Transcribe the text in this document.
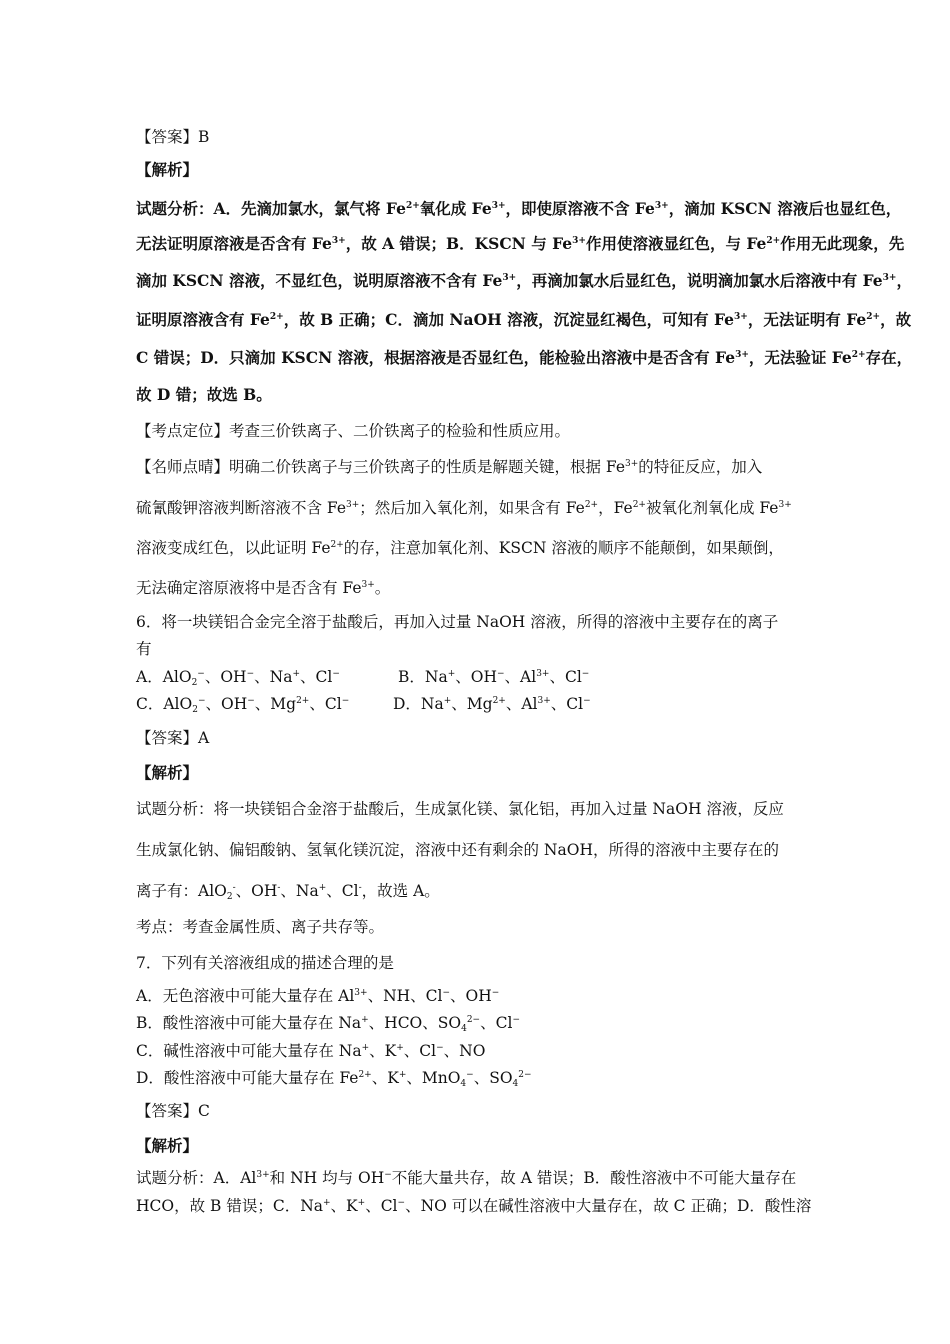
【答案】B
【解析】
试题分析：A．先滴加氯水，氯气将 $Fe^{2+}$氧化成 $Fe^{3+}$，即使原溶液不含 $Fe^{3+}$，滴加 KSCN 溶液后也显红色，
无法证明原溶液是否含有 $Fe^{3+}$，故 A 错误；B．KSCN 与 $Fe^{3+}$作用使溶液显红色，与 $Fe^{2+}$作用无此现象，先
滴加 KSCN 溶液，不显红色，说明原溶液不含有 $Fe^{3+}$，再滴加氯水后显红色，说明滴加氯水后溶液中有 $Fe^{3+}$，
证明原溶液含有 $Fe^{2+}$，故 B 正确；C．滴加 NaOH 溶液，沉淀显红褐色，可知有 $Fe^{3+}$，无法证明有 $Fe^{2+}$，故
C 错误；D．只滴加 KSCN 溶液，根据溶液是否显红色，能检验出溶液中是否含有 $Fe^{3+}$，无法验证 $Fe^{2+}$存在，
故 D 错；故选 B。
【考点定位】考查三价铁离子、二价铁离子的检验和性质应用。
【名师点晴】明确二价铁离子与三价铁离子的性质是解题关键，根据 $Fe^{3+}$的特征反应，加入
硫氰酸钾溶液判断溶液不含 $Fe^{3+}$；然后加入氧化剂，如果含有 $Fe^{2+}$，$Fe^{2+}$被氧化剂氧化成 $Fe^{3+}$
溶液变成红色，以此证明 $Fe^{2+}$的存，注意加氧化剂、KSCN 溶液的顺序不能颠倒，如果颠倒，
无法确定溶原液将中是否含有 $Fe^{3+}$。
6．将一块镁铝合金完全溶于盐酸后，再加入过量 NaOH 溶液，所得的溶液中主要存在的离子
有
A．AlO$_2$−、OH−、Na+、Cl−	B．Na+、OH−、$Al^{3+}$、Cl−
C．AlO$_2$−、OH−、$Mg^{2+}$、Cl−	D．Na+、$Mg^{2+}$、$Al^{3+}$、Cl−
【答案】A
【解析】
试题分析：将一块镁铝合金溶于盐酸后，生成氯化镁、氯化铝，再加入过量 NaOH 溶液，反应
生成氯化钠、偏铝酸钠、氢氧化镁沉淀，溶液中还有剩余的 NaOH，所得的溶液中主要存在的
离子有：AlO$_2$-、OH-、Na+、Cl-，故选 A。
考点：考查金属性质、离子共存等。
7．下列有关溶液组成的描述合理的是
A．无色溶液中可能大量存在 $Al^{3+}$、NH、Cl−、OH−
B．酸性溶液中可能大量存在 Na+、HCO、$SO_4^{2-}$、Cl−
C．碱性溶液中可能大量存在 Na+、K+、Cl−、NO
D．酸性溶液中可能大量存在 $Fe^{2+}$、K+、MnO$_4$−、$SO_4^{2-}$
【答案】C
【解析】
试题分析：A．$Al^{3+}$和 NH 均与 OH−不能大量共存，故 A 错误；B．酸性溶液中不可能大量存在
HCO，故 B 错误；C．Na+、K+、Cl−、NO 可以在碱性溶液中大量存在，故 C 正确；D．酸性溶
